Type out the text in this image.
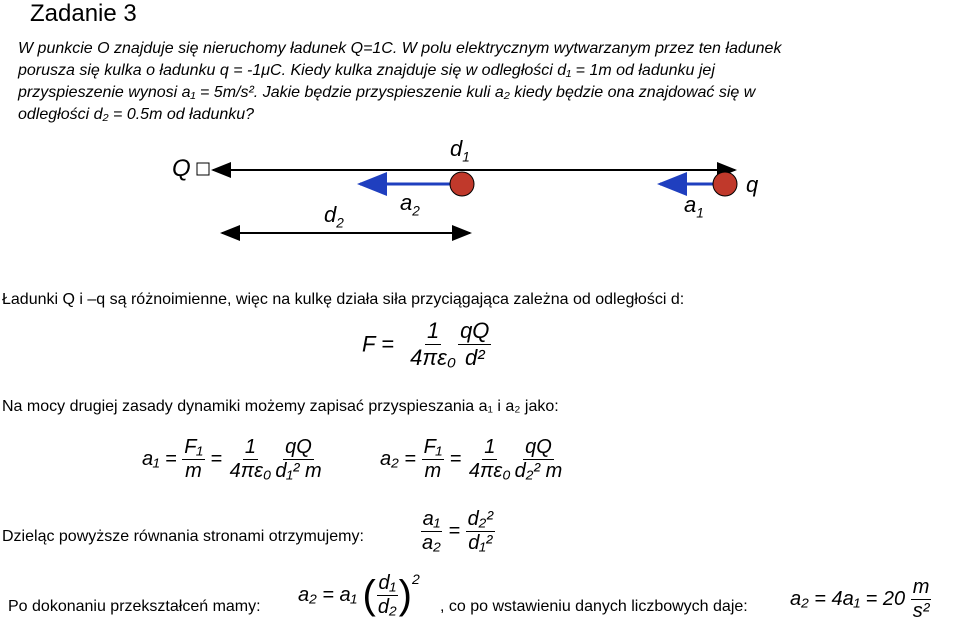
Zadanie 3
W punkcie O znajduje się nieruchomy ładunek Q=1C. W polu elektrycznym wytwarzanym przez ten ładunek
porusza się kulka o ładunku q = -1μC. Kiedy kulka znajduje się w odległości d₁ = 1m od ładunku jej
przyspieszenie wynosi a₁ = 5m/s². Jakie będzie przyspieszenie kuli a₂ kiedy będzie ona znajdować się w
odległości d₂ = 0.5m od ładunku?
Q
q
$d_1$
$d_2$
$a_2$	$a_1$
Ładunki Q i –q są różnoimienne, więc na kulkę działa siła przyciągająca zależna od odległości d:
$F = \frac{1}{\text{4πε₀}} \frac{qQ}{\text{d²}}$
Na mocy drugiej zasady dynamiki możemy zapisać przyspieszania a₁ i a₂ jako:
$a_1 = \frac{\text{F₁}}{m} = \frac{1}{\text{4πε₀}} \frac{qQ}{\text{d₁² m}}$	$a_2 = \frac{\text{F₁}}{m} = \frac{1}{\text{4πε₀}} \frac{qQ}{\text{d₂² m}}$
Dzieląc powyższe równania stronami otrzymujemy:	$\frac{\text{a₁}}{\text{a₂}} = \frac{\text{d₂²}}{\text{d₁²}}$
Po dokonaniu przekształceń mamy:
a₂ = a₁ ( $\frac{\text{d₁}}{\text{d₂}} )^2$
, co po wstawieniu danych liczbowych daje: $a_2 = 4a_1 = 20 \frac{m}{\text{s²}}$
